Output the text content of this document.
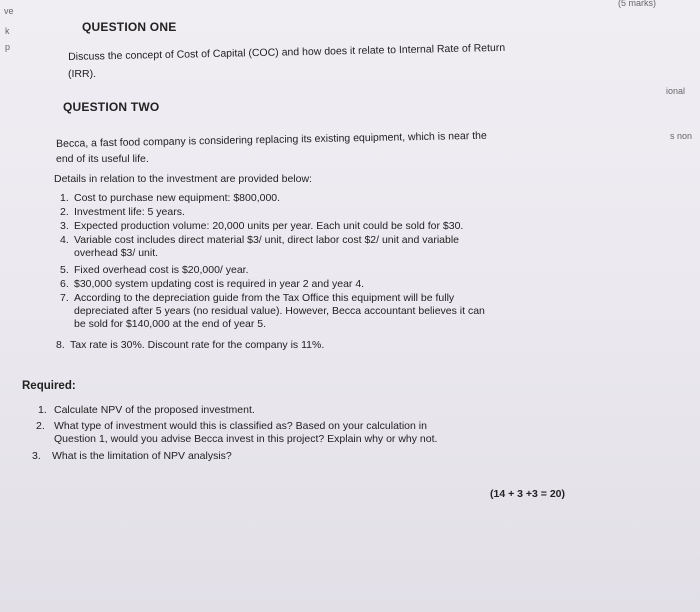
ve
k
p
(5 marks)
ional
s non
QUESTION ONE
Discuss the concept of Cost of Capital (COC) and how does it relate to Internal Rate of Return
(IRR).
QUESTION TWO
Becca, a fast food company is considering replacing its existing equipment, which is near the
end of its useful life.
Details in relation to the investment are provided below:
1. Cost to purchase new equipment: $800,000.
2. Investment life: 5 years.
3. Expected production volume: 20,000 units per year. Each unit could be sold for $30.
4. Variable cost includes direct material $3/ unit, direct labor cost $2/ unit and variable
overhead $3/ unit.
5. Fixed overhead cost is $20,000/ year.
6. $30,000 system updating cost is required in year 2 and year 4.
7. According to the depreciation guide from the Tax Office this equipment will be fully
depreciated after 5 years (no residual value). However, Becca accountant believes it can
be sold for $140,000 at the end of year 5.
8. Tax rate is 30%. Discount rate for the company is 11%.
Required:
1. Calculate NPV of the proposed investment.
2. What type of investment would this is classified as? Based on your calculation in
Question 1, would you advise Becca invest in this project? Explain why or why not.
3. What is the limitation of NPV analysis?
(14 + 3 +3 = 20)
